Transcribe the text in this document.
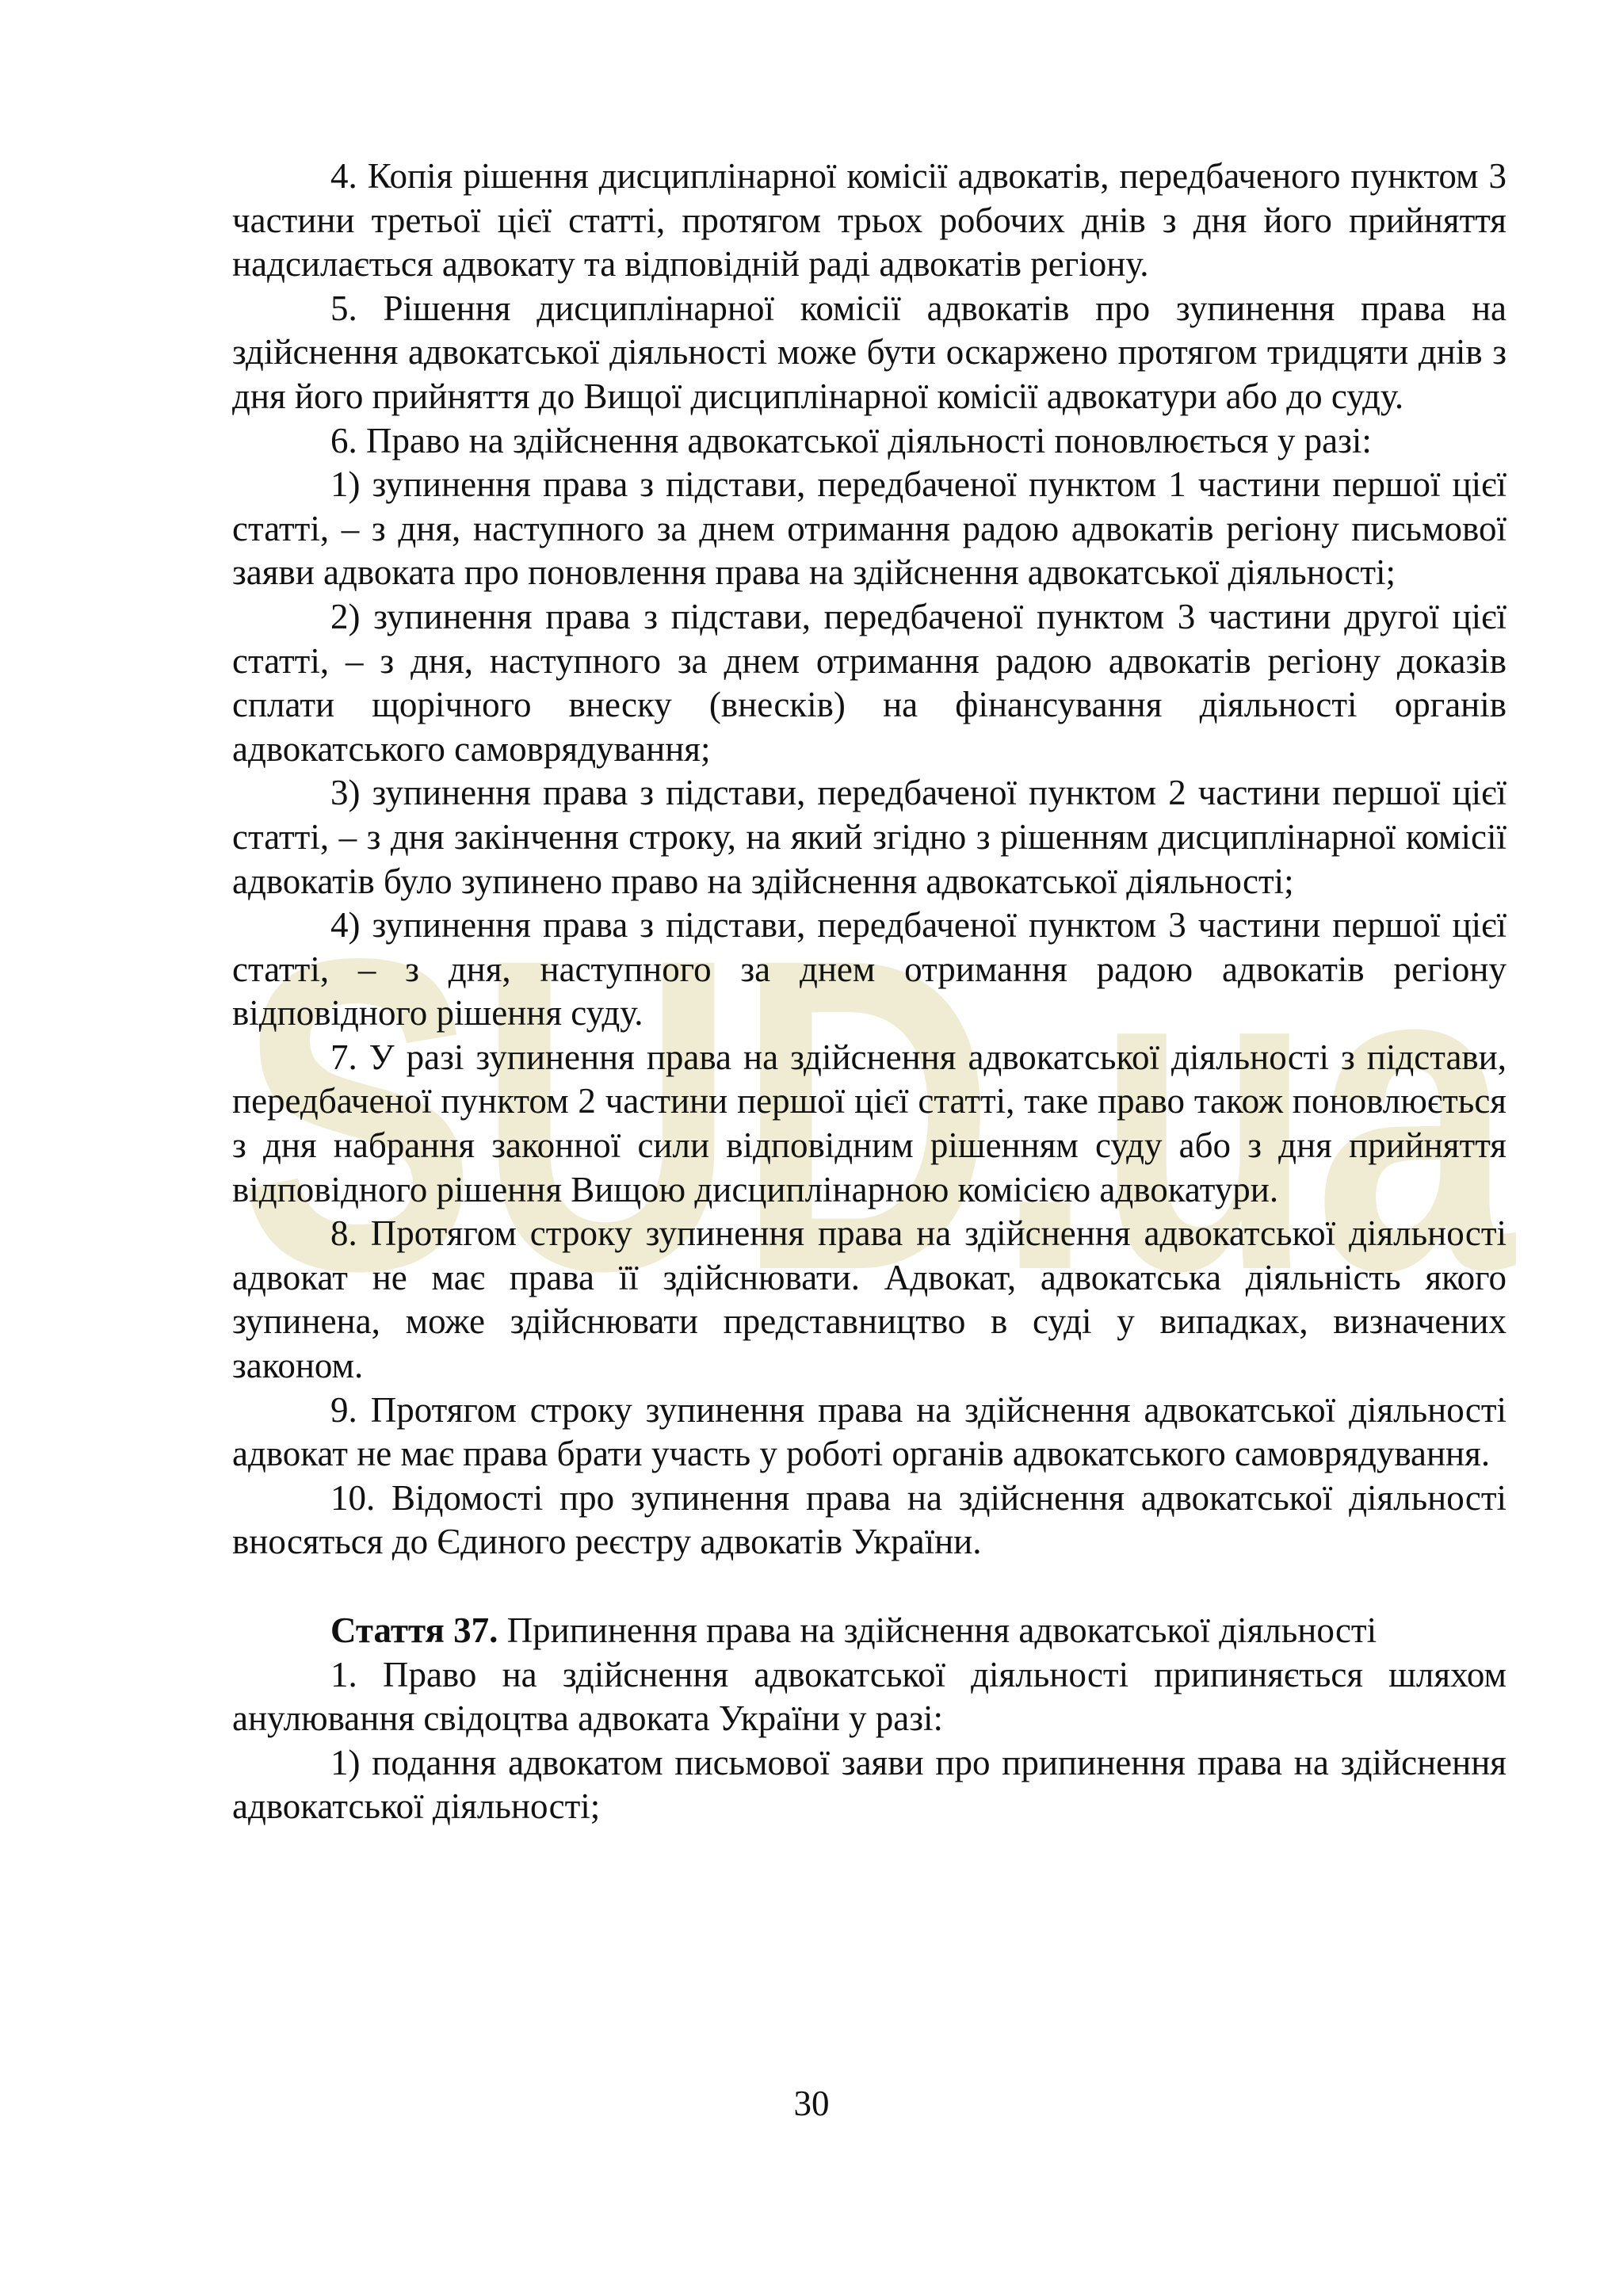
SUD.ua

4. Копія рішення дисциплінарної комісії адвокатів, передбаченого пунктом 3 частини третьої цієї статті, протягом трьох робочих днів з дня його прийняття надсилається адвокату та відповідній раді адвокатів регіону.

5. Рішення дисциплінарної комісії адвокатів про зупинення права на здійснення адвокатської діяльності може бути оскаржено протягом тридцяти днів з дня його прийняття до Вищої дисциплінарної комісії адвокатури або до суду.

6. Право на здійснення адвокатської діяльності поновлюється у разі:

1) зупинення права з підстави, передбаченої пунктом 1 частини першої цієї статті, – з дня, наступного за днем отримання радою адвокатів регіону письмової заяви адвоката про поновлення права на здійснення адвокатської діяльності;

2) зупинення права з підстави, передбаченої пунктом 3 частини другої цієї статті, – з дня, наступного за днем отримання радою адвокатів регіону доказів сплати щорічного внеску (внесків) на фінансування діяльності органів адвокатського самоврядування;

3) зупинення права з підстави, передбаченої пунктом 2 частини першої цієї статті, – з дня закінчення строку, на який згідно з рішенням дисциплінарної комісії адвокатів було зупинено право на здійснення адвокатської діяльності;

4) зупинення права з підстави, передбаченої пунктом 3 частини першої цієї статті, – з дня, наступного за днем отримання радою адвокатів регіону відповідного рішення суду.

7. У разі зупинення права на здійснення адвокатської діяльності з підстави, передбаченої пунктом 2 частини першої цієї статті, таке право також поновлюється з дня набрання законної сили відповідним рішенням суду або з дня прийняття відповідного рішення Вищою дисциплінарною комісією адвокатури.

8. Протягом строку зупинення права на здійснення адвокатської діяльності адвокат не має права її здійснювати. Адвокат, адвокатська діяльність якого зупинена, може здійснювати представництво в суді у випадках, визначених законом.

9. Протягом строку зупинення права на здійснення адвокатської діяльності адвокат не має права брати участь у роботі органів адвокатського самоврядування.

10. Відомості про зупинення права на здійснення адвокатської діяльності вносяться до Єдиного реєстру адвокатів України.

Стаття 37. Припинення права на здійснення адвокатської діяльності

1. Право на здійснення адвокатської діяльності припиняється шляхом анулювання свідоцтва адвоката України у разі:

1) подання адвокатом письмової заяви про припинення права на здійснення адвокатської діяльності;

30
